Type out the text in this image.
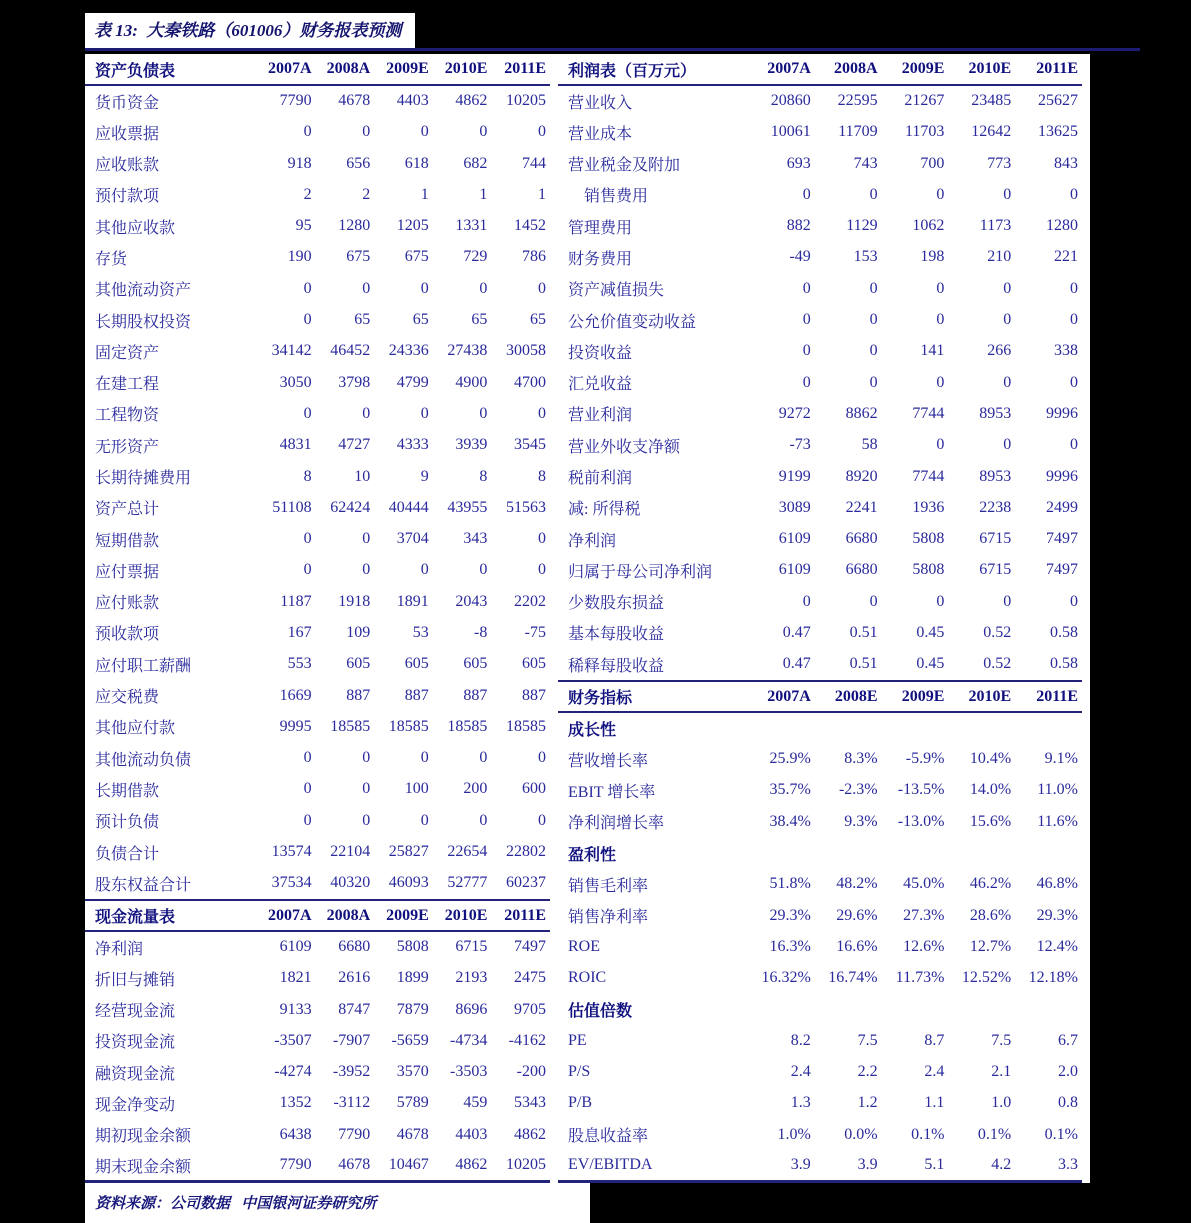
表 13:  大秦铁路（601006）财务报表预测
资产负债表	2007A	2008A	2009E	2010E	2011E
货币资金	7790	4678	4403	4862	10205
应收票据	0	0	0	0	0
应收账款	918	656	618	682	744
预付款项	2	2	1	1	1
其他应收款	95	1280	1205	1331	1452
存货	190	675	675	729	786
其他流动资产	0	0	0	0	0
长期股权投资	0	65	65	65	65
固定资产	34142	46452	24336	27438	30058
在建工程	3050	3798	4799	4900	4700
工程物资	0	0	0	0	0
无形资产	4831	4727	4333	3939	3545
长期待摊费用	8	10	9	8	8
资产总计	51108	62424	40444	43955	51563
短期借款	0	0	3704	343	0
应付票据	0	0	0	0	0
应付账款	1187	1918	1891	2043	2202
预收款项	167	109	53	-8	-75
应付职工薪酬	553	605	605	605	605
应交税费	1669	887	887	887	887
其他应付款	9995	18585	18585	18585	18585
其他流动负债	0	0	0	0	0
长期借款	0	0	100	200	600
预计负债	0	0	0	0	0
负债合计	13574	22104	25827	22654	22802
股东权益合计	37534	40320	46093	52777	60237
现金流量表	2007A	2008A	2009E	2010E	2011E
净利润	6109	6680	5808	6715	7497
折旧与摊销	1821	2616	1899	2193	2475
经营现金流	9133	8747	7879	8696	9705
投资现金流	-3507	-7907	-5659	-4734	-4162
融资现金流	-4274	-3952	3570	-3503	-200
现金净变动	1352	-3112	5789	459	5343
期初现金余额	6438	7790	4678	4403	4862
期末现金余额	7790	4678	10467	4862	10205
利润表（百万元）	2007A	2008A	2009E	2010E	2011E
营业收入	20860	22595	21267	23485	25627
营业成本	10061	11709	11703	12642	13625
营业税金及附加	693	743	700	773	843
　销售费用	0	0	0	0	0
管理费用	882	1129	1062	1173	1280
财务费用	-49	153	198	210	221
资产减值损失	0	0	0	0	0
公允价值变动收益	0	0	0	0	0
投资收益	0	0	141	266	338
汇兑收益	0	0	0	0	0
营业利润	9272	8862	7744	8953	9996
营业外收支净额	-73	58	0	0	0
税前利润	9199	8920	7744	8953	9996
减: 所得税	3089	2241	1936	2238	2499
净利润	6109	6680	5808	6715	7497
归属于母公司净利润	6109	6680	5808	6715	7497
少数股东损益	0	0	0	0	0
基本每股收益	0.47	0.51	0.45	0.52	0.58
稀释每股收益	0.47	0.51	0.45	0.52	0.58
财务指标	2007A	2008E	2009E	2010E	2011E
成长性					
营收增长率	25.9%	8.3%	-5.9%	10.4%	9.1%
EBIT 增长率	35.7%	-2.3%	-13.5%	14.0%	11.0%
净利润增长率	38.4%	9.3%	-13.0%	15.6%	11.6%
盈利性					
销售毛利率	51.8%	48.2%	45.0%	46.2%	46.8%
销售净利率	29.3%	29.6%	27.3%	28.6%	29.3%
ROE	16.3%	16.6%	12.6%	12.7%	12.4%
ROIC	16.32%	16.74%	11.73%	12.52%	12.18%
估值倍数					
PE	8.2	7.5	8.7	7.5	6.7
P/S	2.4	2.2	2.4	2.1	2.0
P/B	1.3	1.2	1.1	1.0	0.8
股息收益率	1.0%	0.0%	0.1%	0.1%	0.1%
EV/EBITDA	3.9	3.9	5.1	4.2	3.3
资料来源：公司数据   中国银河证券研究所
